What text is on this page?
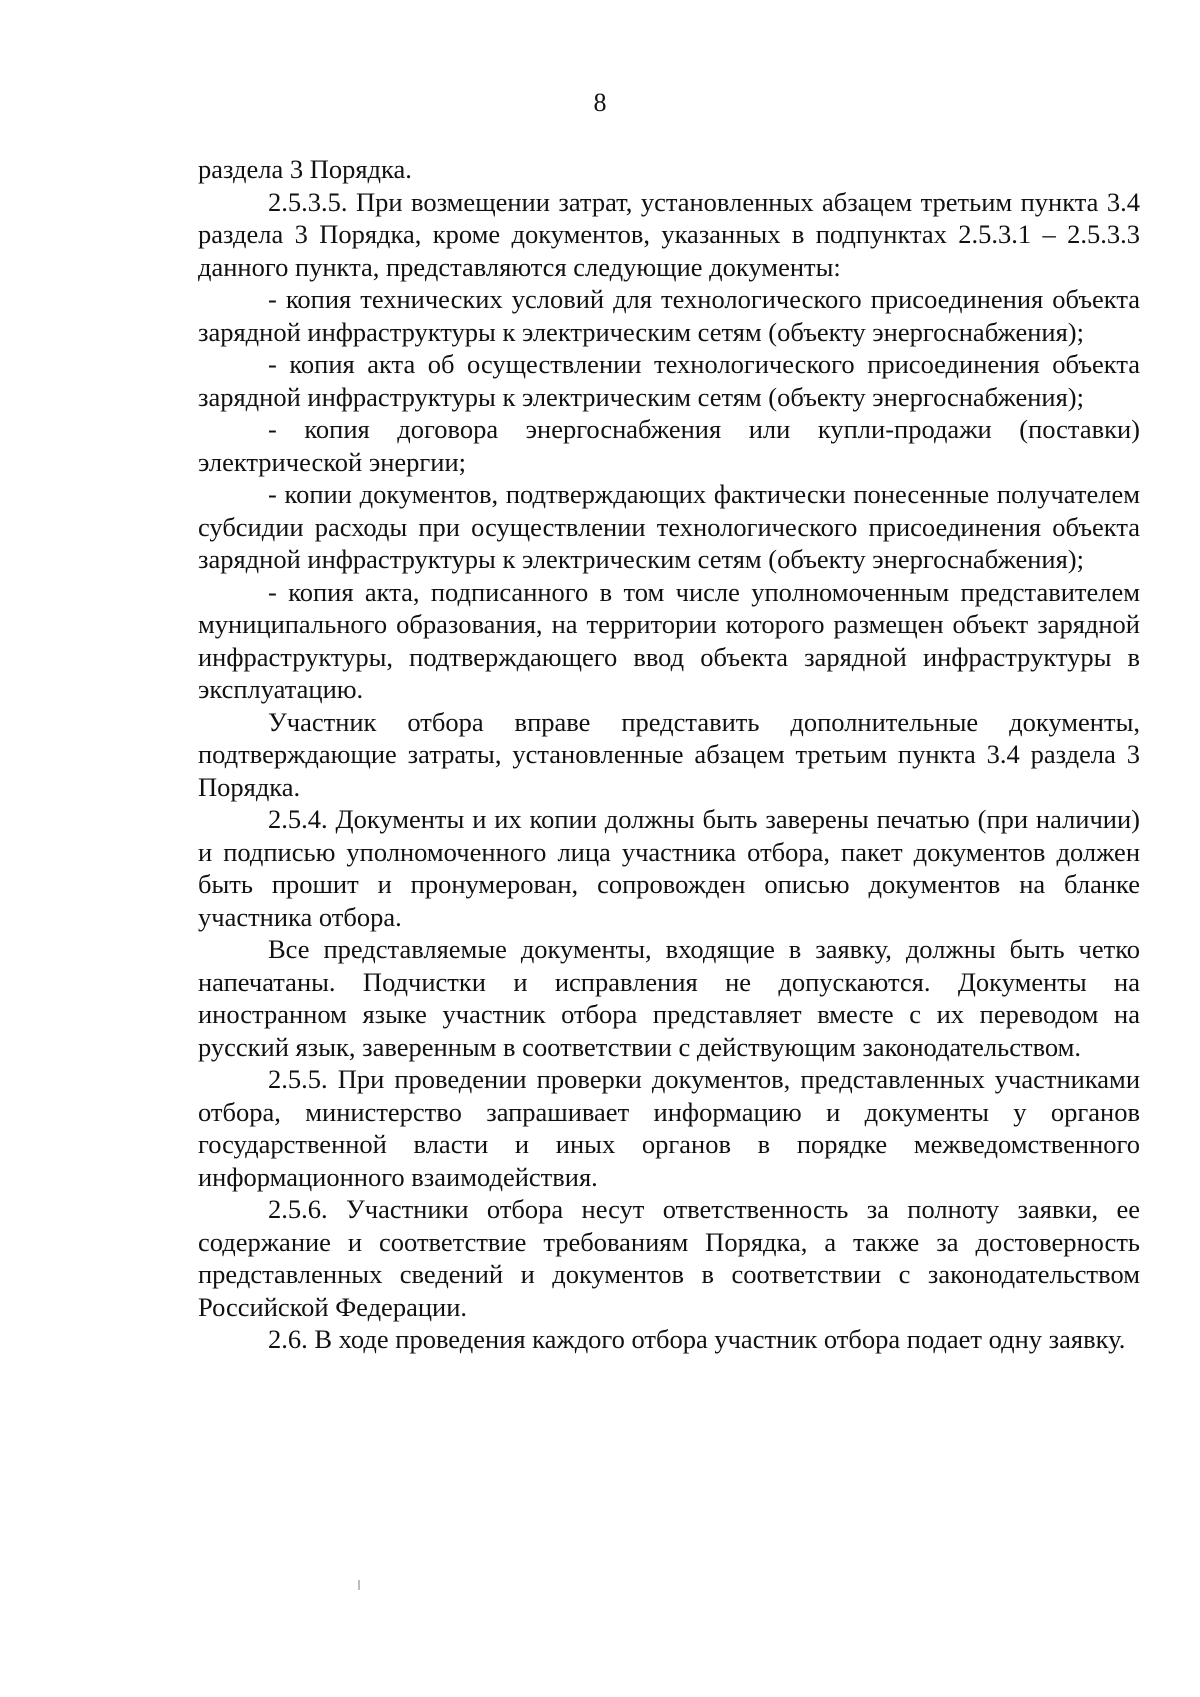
8

раздела 3 Порядка.

2.5.3.5. При возмещении затрат, установленных абзацем третьим пункта 3.4 раздела 3 Порядка, кроме документов, указанных в подпунктах 2.5.3.1 – 2.5.3.3 данного пункта, представляются следующие документы:

- копия технических условий для технологического присоединения объекта зарядной инфраструктуры к электрическим сетям (объекту энергоснабжения);

- копия акта об осуществлении технологического присоединения объекта зарядной инфраструктуры к электрическим сетям (объекту энергоснабжения);

- копия договора энергоснабжения или купли-продажи (поставки) электрической энергии;

- копии документов, подтверждающих фактически понесенные получателем субсидии расходы при осуществлении технологического присоединения объекта зарядной инфраструктуры к электрическим сетям (объекту энергоснабжения);

- копия акта, подписанного в том числе уполномоченным представителем муниципального образования, на территории которого размещен объект зарядной инфраструктуры, подтверждающего ввод объекта зарядной инфраструктуры в эксплуатацию.

Участник отбора вправе представить дополнительные документы, подтверждающие затраты, установленные абзацем третьим пункта 3.4 раздела 3 Порядка.

2.5.4. Документы и их копии должны быть заверены печатью (при наличии) и подписью уполномоченного лица участника отбора, пакет документов должен быть прошит и пронумерован, сопровожден описью документов на бланке участника отбора.

Все представляемые документы, входящие в заявку, должны быть четко напечатаны. Подчистки и исправления не допускаются. Документы на иностранном языке участник отбора представляет вместе с их переводом на русский язык, заверенным в соответствии с действующим законодательством.

2.5.5. При проведении проверки документов, представленных участниками отбора, министерство запрашивает информацию и документы у органов государственной власти и иных органов в порядке межведомственного информационного взаимодействия.

2.5.6. Участники отбора несут ответственность за полноту заявки, ее содержание и соответствие требованиям Порядка, а также за достоверность представленных сведений и документов в соответствии с законодательством Российской Федерации.

2.6. В ходе проведения каждого отбора участник отбора подает одну заявку.
